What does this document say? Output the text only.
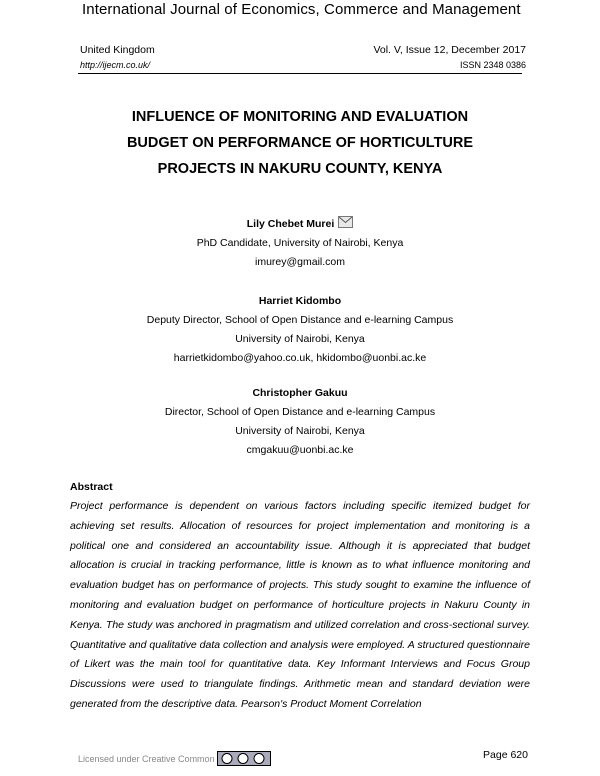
International Journal of Economics, Commerce and Management
United Kingdom	Vol. V, Issue 12, December 2017
http://ijecm.co.uk/	ISSN 2348 0386
INFLUENCE OF MONITORING AND EVALUATION
BUDGET ON PERFORMANCE OF HORTICULTURE
PROJECTS IN NAKURU COUNTY, KENYA
Lily Chebet Murei
PhD Candidate, University of Nairobi, Kenya
imurey@gmail.com
Harriet Kidombo
Deputy Director, School of Open Distance and e-learning Campus
University of Nairobi, Kenya
harrietkidombo@yahoo.co.uk, hkidombo@uonbi.ac.ke
Christopher Gakuu
Director, School of Open Distance and e-learning Campus
University of Nairobi, Kenya
cmgakuu@uonbi.ac.ke
Abstract
Project performance is dependent on various factors including specific itemized budget for achieving set results. Allocation of resources for project implementation and monitoring is a political one and considered an accountability issue. Although it is appreciated that budget allocation is crucial in tracking performance, little is known as to what influence monitoring and evaluation budget has on performance of projects. This study sought to examine the influence of monitoring and evaluation budget on performance of horticulture projects in Nakuru County in Kenya. The study was anchored in pragmatism and utilized correlation and cross-sectional survey. Quantitative and qualitative data collection and analysis were employed. A structured questionnaire of Likert was the main tool for quantitative data. Key Informant Interviews and Focus Group Discussions were used to triangulate findings. Arithmetic mean and standard deviation were generated from the descriptive data. Pearson's Product Moment Correlation
Licensed under Creative Common	Page 620
